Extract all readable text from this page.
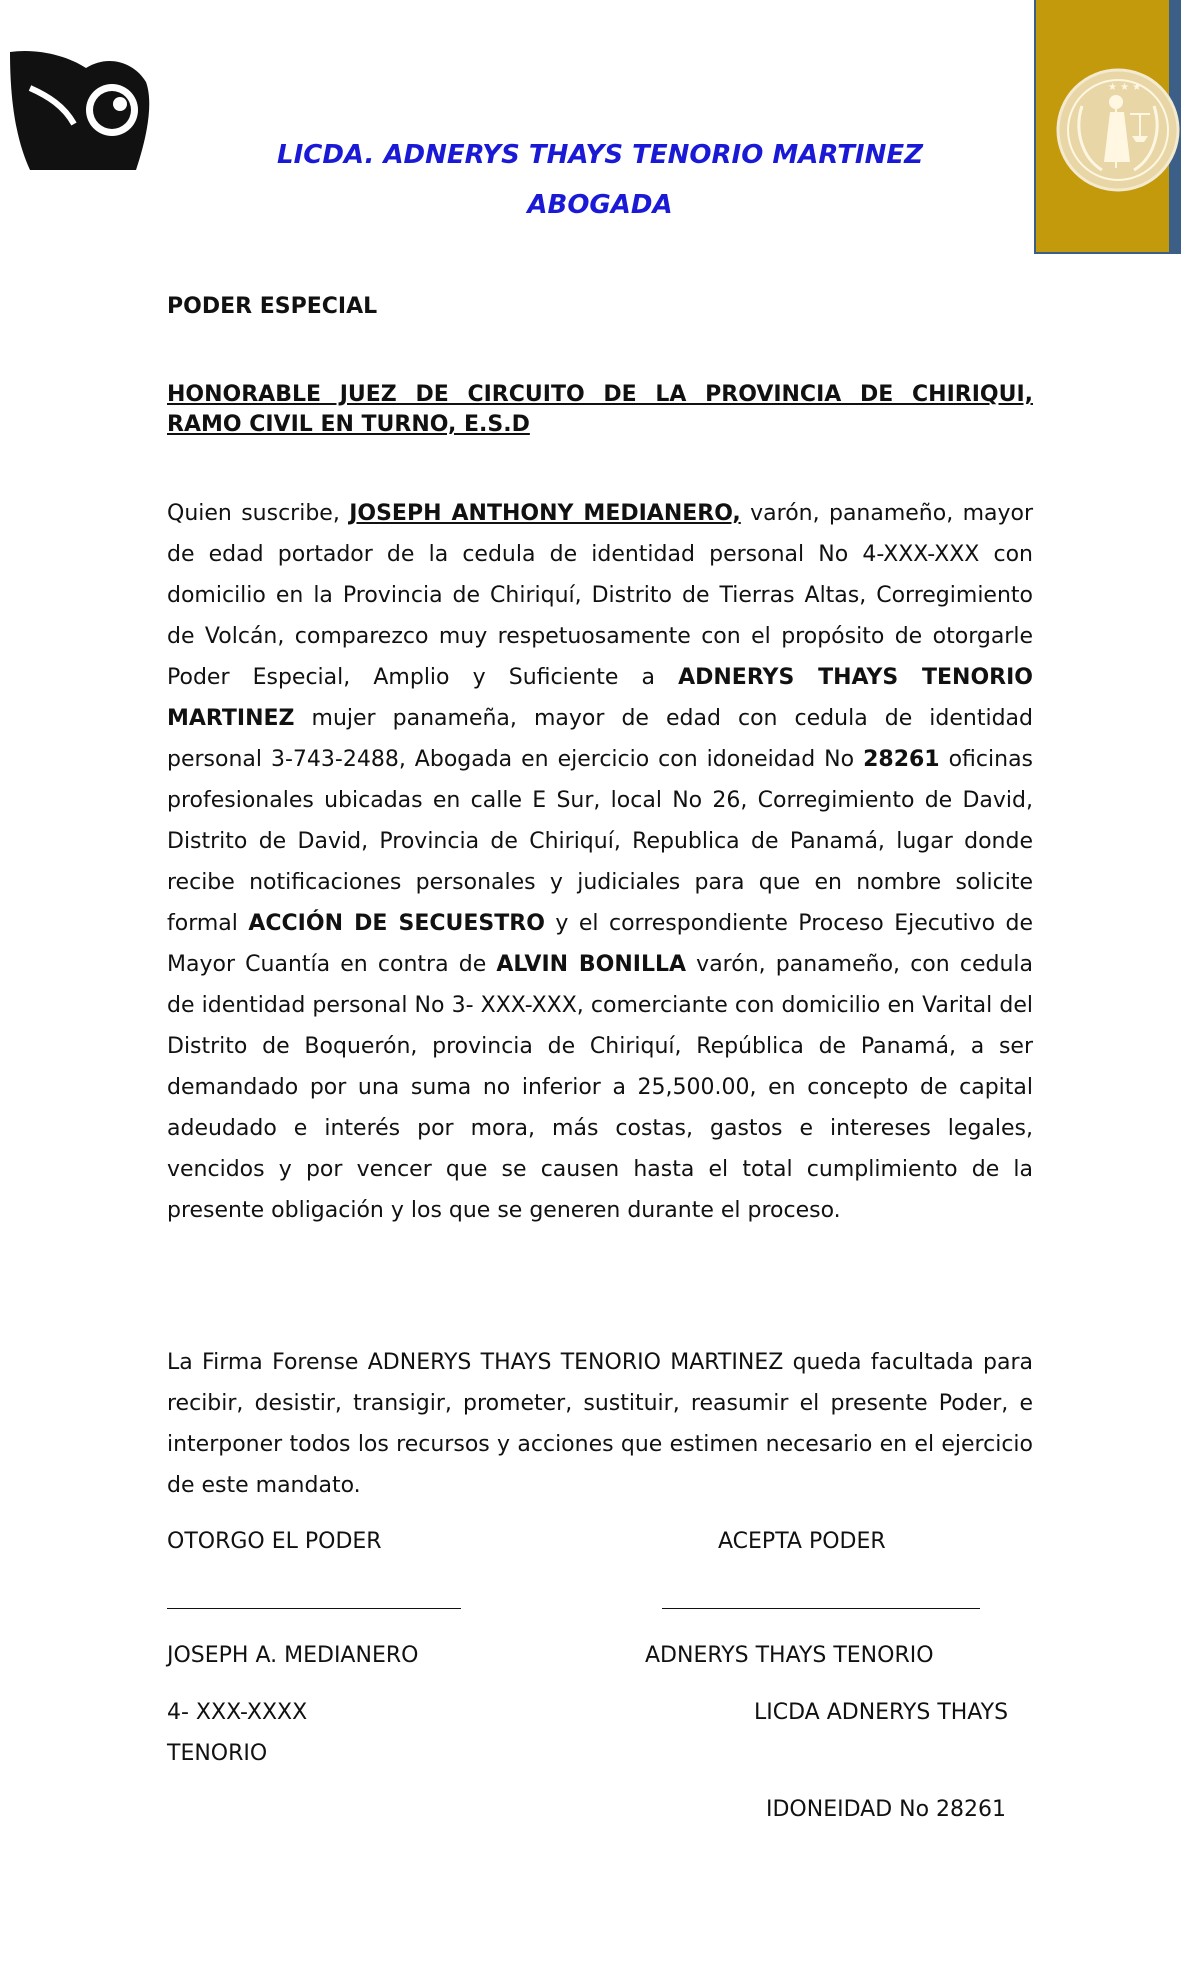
★ ★ ★
LICDA. ADNERYS THAYS TENORIO MARTINEZ
ABOGADA
PODER ESPECIAL
HONORABLE JUEZ DE CIRCUITO DE LA PROVINCIA DE CHIRIQUI,
RAMO CIVIL EN TURNO, E.S.D
Quien suscribe, JOSEPH ANTHONY MEDIANERO, varón, panameño, mayor de edad portador de la cedula de identidad personal No 4-XXX-XXX con domicilio en la Provincia de Chiriquí, Distrito de Tierras Altas, Corregimiento de Volcán, comparezco muy respetuosamente con el propósito de otorgarle Poder Especial, Amplio y Suficiente a ADNERYS THAYS TENORIO MARTINEZ mujer panameña, mayor de edad con cedula de identidad personal 3-743-2488, Abogada en ejercicio con idoneidad No 28261 oficinas profesionales ubicadas en calle E Sur, local No 26, Corregimiento de David, Distrito de David, Provincia de Chiriquí, Republica de Panamá, lugar donde recibe notificaciones personales y judiciales para que en nombre solicite formal ACCIÓN DE SECUESTRO y el correspondiente Proceso Ejecutivo de Mayor Cuantía en contra de ALVIN BONILLA varón, panameño, con cedula de identidad personal No 3- XXX-XXX, comerciante con domicilio en Varital del Distrito de Boquerón, provincia de Chiriquí, República de Panamá, a ser demandado por una suma no inferior a 25,500.00, en concepto de capital adeudado e interés por mora, más costas, gastos e intereses legales, vencidos y por vencer que se causen hasta el total cumplimiento de la presente obligación y los que se generen durante el proceso.
La Firma Forense ADNERYS THAYS TENORIO MARTINEZ queda facultada para recibir, desistir, transigir, prometer, sustituir, reasumir el presente Poder, e interponer todos los recursos y acciones que estimen necesario en el ejercicio de este mandato.
OTORGO EL PODER	ACEPTA PODER
JOSEPH A. MEDIANERO	ADNERYS THAYS TENORIO
4- XXX-XXXX	LICDA ADNERYS THAYS
TENORIO
IDONEIDAD No 28261
